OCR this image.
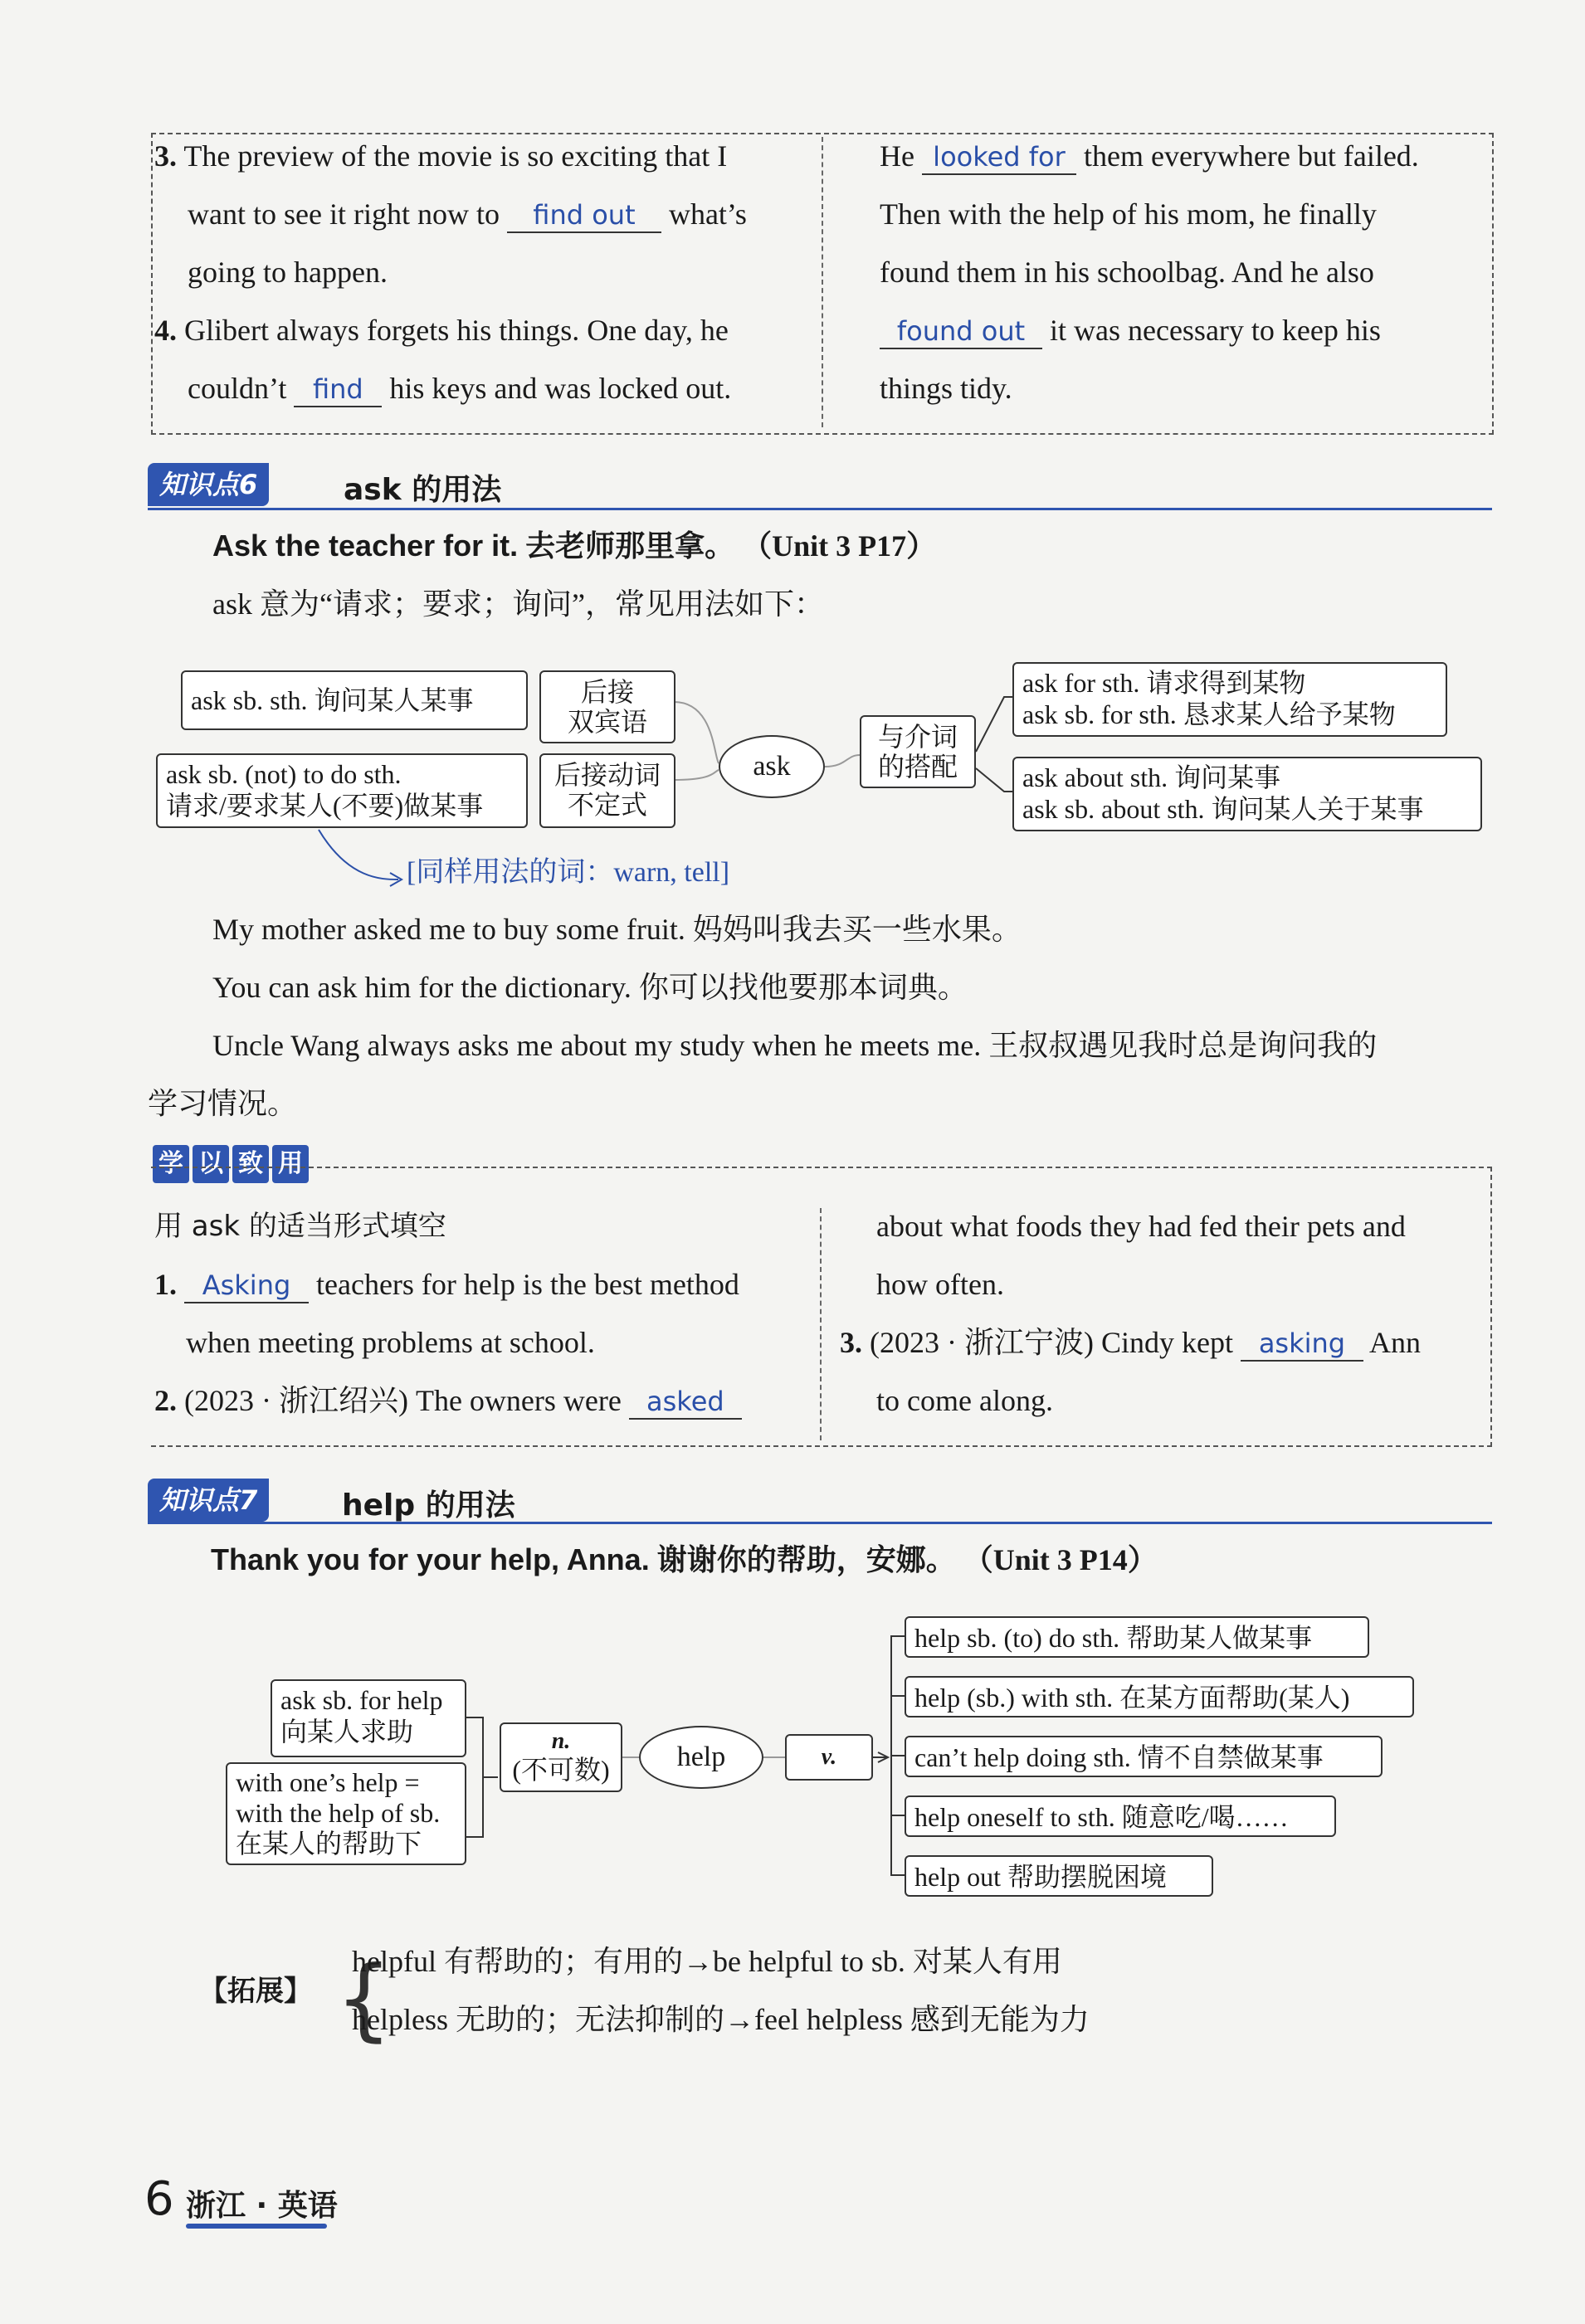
3. The preview of the movie is so exciting that I
want to see it right now to find out what’s
going to happen.
4. Glibert always forgets his things. One day, he
couldn’t find his keys and was locked out.
He looked for them everywhere but failed.
Then with the help of his mom, he finally
found them in his schoolbag. And he also
found out it was necessary to keep his
things tidy.
知识点6	ask 的用法
Ask the teacher for it. 去老师那里拿。 （Unit 3 P17）
ask 意为“请求；要求；询问”，常见用法如下：
ask sb. sth. 询问某人某事	后接
双宾语
ask sb. (not) to do sth.
请求/要求某人(不要)做某事
后接动词
不定式
ask
与介词
的搭配
ask for sth. 请求得到某物
ask sb. for sth. 恳求某人给予某物
ask about sth. 询问某事
ask sb. about sth. 询问某人关于某事
[同样用法的词：warn, tell]
My mother asked me to buy some fruit. 妈妈叫我去买一些水果。
You can ask him for the dictionary. 你可以找他要那本词典。
Uncle Wang always asks me about my study when he meets me. 王叔叔遇见我时总是询问我的
学习情况。
学 以 致 用
用 ask 的适当形式填空
1. Asking teachers for help is the best method
when meeting problems at school.
2. (2023 · 浙江绍兴) The owners were asked
about what foods they had fed their pets and
how often.
3. (2023 · 浙江宁波) Cindy kept asking Ann
to come along.
知识点7	help 的用法
Thank you for your help, Anna. 谢谢你的帮助，安娜。 （Unit 3 P14）
ask sb. for help
向某人求助
with one’s help =
with the help of sb.
在某人的帮助下
n.
(不可数)	help	v.
help sb. (to) do sth. 帮助某人做某事
help (sb.) with sth. 在某方面帮助(某人)
can’t help doing sth. 情不自禁做某事
help oneself to sth. 随意吃/喝……
help out 帮助摆脱困境
【拓展】 {
helpful 有帮助的；有用的→be helpful to sb. 对某人有用
helpless 无助的；无法抑制的→feel helpless 感到无能为力
6 浙江 · 英语
